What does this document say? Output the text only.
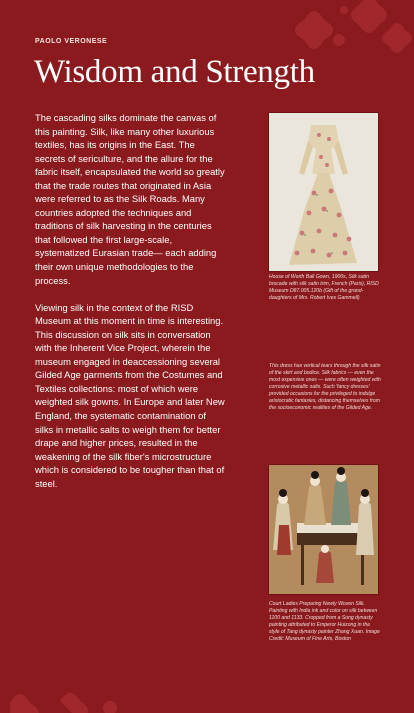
PAOLO VERONESE
Wisdom and Strength

The cascading silks dominate the canvas of this painting. Silk, like many other luxurious textiles, has its origins in the East. The secrets of sericulture, and the allure for the fabric itself, encapsulated the world so greatly that the trade routes that originated in Asia were referred to as the Silk Roads. Many countries adopted the techniques and traditions of silk harvesting in the centuries that followed the first large-scale, systematized Eurasian trade— each adding their own unique methodologies to the process.

Viewing silk in the context of the RISD Museum at this moment in time is interesting. This discussion on silk sits in conversation with the Inherent Vice Project, wherein the museum engaged in deaccessioning several Gilded Age garments from the Costumes and Textiles collections: most of which were weighted silk gowns. In Europe and later New England, the systematic contamination of silks in metallic salts to weigh them for better drape and higher prices, resulted in the weakening of the silk fiber's microstructure which is considered to be tougher than that of steel.

House of Worth Ball Gown, 1900s, Silk satin brocade with silk satin trim, French (Paris), RISD Museum D87.005.120b (Gift of the grand-daughters of Mrs. Robert Ives Gammell)
This dress has vertical tears through the silk satin of the skirt and bodice. Silk fabrics — even the most expensive ones — were often weighted with corrosive metallic salts. Such 'fancy dresses' provided occasions for the privileged to indulge aristocratic fantasies, distancing themselves from the socioeconomic realities of the Gilded Age.
Court Ladies Preparing Newly Woven Silk. Painting with India ink and color on silk between 1100 and 1133. Cropped from a Song dynasty painting attributed to Emperor Huizong in the style of Tang dynasty painter Zhang Xuan. Image Credit: Museum of Fine Arts, Boston
